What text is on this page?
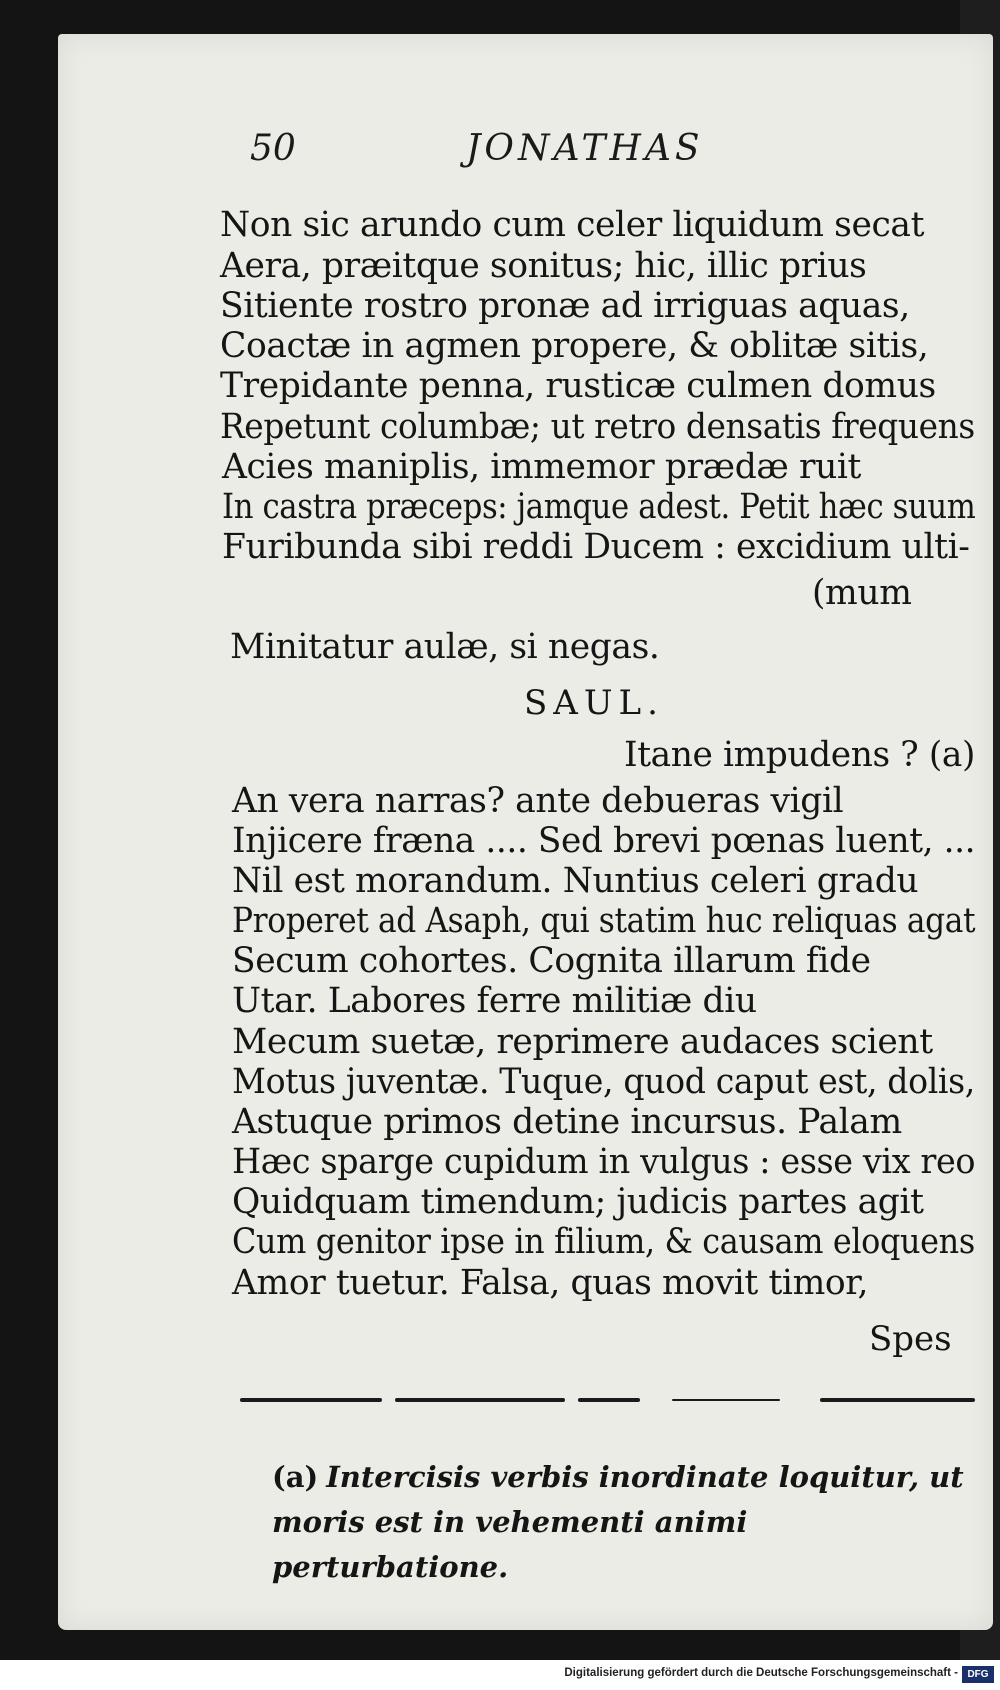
50	JONATHAS
Non sic arundo cum celer liquidum secat
Aera, præitque sonitus; hic, illic prius
Sitiente rostro pronæ ad irriguas aquas,
Coactæ in agmen propere, & oblitæ sitis,
Trepidante penna, rusticæ culmen domus
Repetunt columbæ; ut retro densatis frequens
Acies maniplis, immemor prædæ ruit
In castra præceps: jamque adest. Petit hæc suum
Furibunda sibi reddi Ducem : excidium ulti-
(mum
Minitatur aulæ, si negas.
SAUL.
Itane impudens ? (a)
An vera narras? ante debueras vigil
Injicere fræna .... Sed brevi pœnas luent, ...
Nil est morandum. Nuntius celeri gradu
Properet ad Asaph, qui statim huc reliquas agat
Secum cohortes. Cognita illarum fide
Utar. Labores ferre militiæ diu
Mecum suetæ, reprimere audaces scient
Motus juventæ. Tuque, quod caput est, dolis,
Astuque primos detine incursus. Palam
Hæc sparge cupidum in vulgus : esse vix reo
Quidquam timendum; judicis partes agit
Cum genitor ipse in filium, & causam eloquens
Amor tuetur. Falsa, quas movit timor,
Spes
(a) Intercisis verbis inordinate loquitur, ut moris est in vehementi animi perturbatione.
Digitalisierung gefördert durch die Deutsche Forschungsgemeinschaft - DFG
